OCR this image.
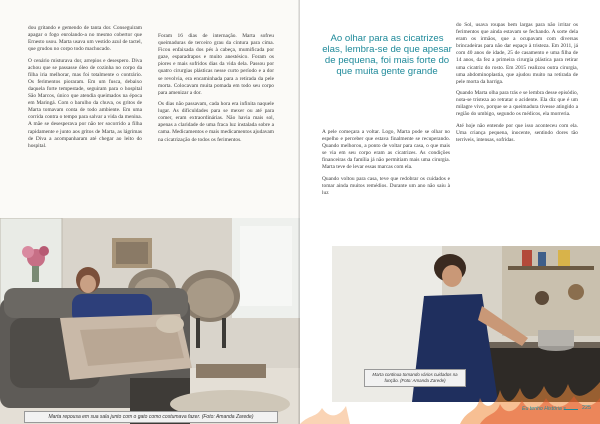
dou gritando e gemendo de tanta dor. Conseguiram apagar o fogo enrolando-a no mesmo cobertor que Ernesto usou. Marta usava um vestido azul de tactel, que grudou no corpo todo machucado.

O cenário misturava dor, arrepios e desespero. Diva achou que se passasse óleo de cozinha no corpo da filha iria melhorar, mas foi totalmente o contrário. Os ferimentos pioraram. Em um fusca, debaixo daquela forte tempestade, seguiram para o hospital São Marcos, único que atendia queimados na época em Maringá. Com o barulho da chuva, os gritos de Marta tomavam conta de todo ambiente. Em uma corrida contra o tempo para salvar a vida da menina. A mãe se desesperava por não ter socorrido a filha rapidamente e junto aos gritos de Marta, as lágrimas de Diva a acompanharam até chegar ao leito do hospital.

Foram 16 dias de internação. Marta sofreu queimaduras de terceiro grau da cintura para cima. Ficou enfaixada dos pés à cabeça, mumificada por gaze, esparadrapos e muito anestésico. Foram os piores e mais sofridos dias da vida dela. Passou por quatro cirurgias plásticas nesse curto período e a dor se revolvia, era encaminhada para a retirada da pele morta. Colocavam muita pomada em todo seu corpo para amenizar a dor.

Os dias não passavam, cada hora era infinita naquele lugar. As dificuldades para se mexer ou até para comer, eram extraordinárias. Não havia mais sol, apenas a claridade de uma fraca luz instalada sobre a cama. Medicamentos e mais medicamentos ajudavam na cicatrização de todos os ferimentos.

Marta repousa em sua sala junto com o gato como costumava fazer. (Foto: Amanda Zarede)
Ao olhar para as cicatrizes elas, lembra-se de que apesar de pequena, foi mais forte do que muita gente grande

A pele começara a voltar. Logo, Marta pode se olhar no espelho e perceber que estava finalmente se recuperando. Quando melhorou, a ponto de voltar para casa, o que mais se via em seu corpo eram as cicatrizes. As condições financeiras da família já não permitiam mais uma cirurgia. Marta teve de levar essas marcas com ela.

Quando voltou para casa, teve que redobrar os cuidados e tomar ainda muitos remédios. Durante um ano não saiu à luz

do Sol, usava roupas bem largas para não irritar os ferimentos que ainda estavam se fechando. A sorte dela eram os irmãos, que a ocupavam com diversas brincadeiras para não dar espaço à tristeza. Em 2011, já com 40 anos de idade, 25 de casamento e uma filha de 14 anos, da fez a primeira cirurgia plástica para retirar uma cicatriz do rosto. Em 2015 realizou outra cirurgia, uma abdominoplastia, que ajudou muito na retirada de pele morta da barriga.

Quando Marta olha para trás e se lembra desse episódio, nota-se tristeza ao retratar o acidente. Ela diz que é um milagre vivo, porque se a queimadura tivesse atingido a região do umbigo, segundo os médicos, ela morreria.

Até hoje não entende por que isso aconteceu com ela. Uma criança pequena, inocente, sentindo dores tão terríveis, intensas, sofridas.

Marta continua tomando vários cuidados na função. (Foto: Amanda Zarede)
Eu tenho História s	225
